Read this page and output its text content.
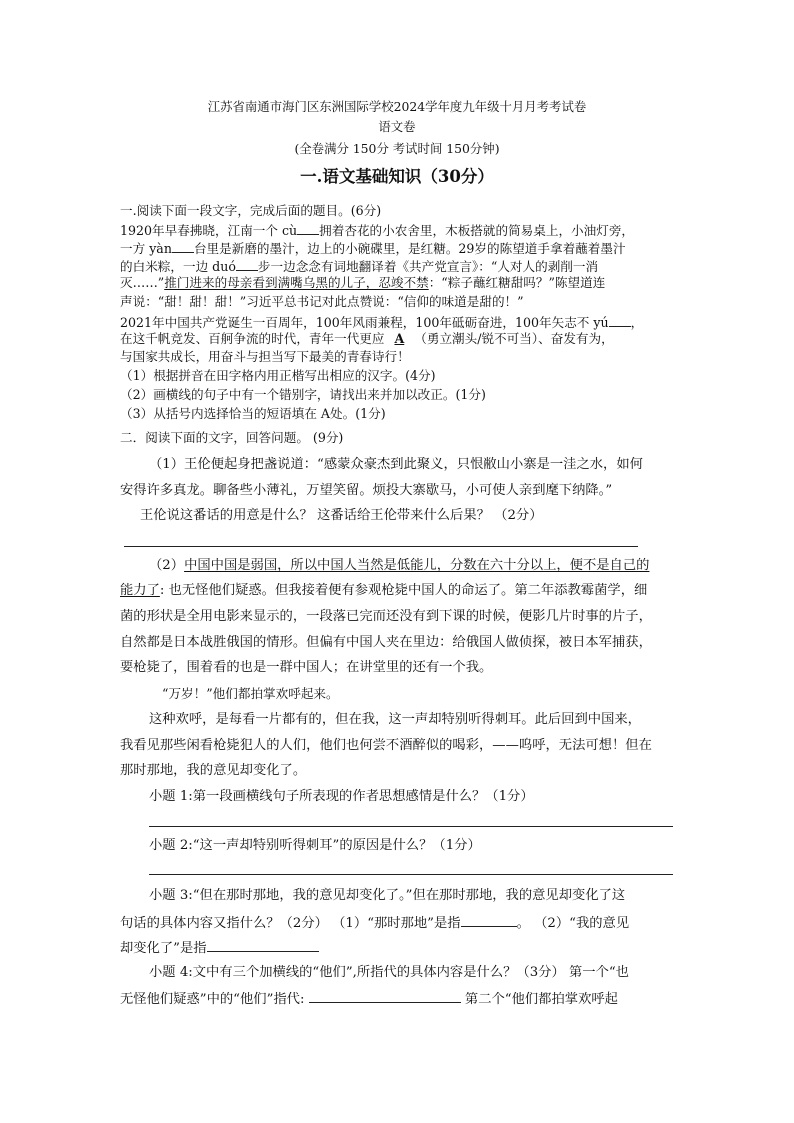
江苏省南通市海门区东洲国际学校2024学年度九年级十月月考考试卷
语文卷
(全卷满分 150分 考试时间 150分钟)
一.语文基础知识（30分）
一.阅读下面一段文字，完成后面的题目。(6分)
1920年早春拂晓，江南一个 cù 拥着杏花的小农舍里，木板搭就的简易桌上，小油灯旁，
一方 yàn 台里是新磨的墨汁，边上的小碗碟里，是红糖。29岁的陈望道手拿着蘸着墨汁
的白米粽，一边 duó 步一边念念有词地翻译着《共产党宣言》：“人对人的剥削一消
灭……”推门进来的母亲看到满嘴乌黑的儿子，忍竣不禁：“粽子蘸红糖甜吗？”陈望道连
声说：“甜！甜！甜！”习近平总书记对此点赞说：“信仰的味道是甜的！”
2021年中国共产党诞生一百周年，100年风雨兼程，100年砥砺奋进，100年矢志不 yú ，
在这千帆竞发、百舸争流的时代，青年一代更应 A （勇立潮头/锐不可当）、奋发有为，
与国家共成长，用奋斗与担当写下最美的青春诗行！
（1）根据拼音在田字格内用正楷写出相应的汉字。(4分)
（2）画横线的句子中有一个错别字，请找出来并加以改正。(1分)
（3）从括号内选择恰当的短语填在 A处。(1分)
二．阅读下面的文字，回答问题。 (9分)
（1）王伦便起身把盏说道：“感蒙众豪杰到此聚义，只恨敝山小寨是一洼之水，如何
安得许多真龙。聊备些小薄礼，万望笑留。烦投大寨歇马，小可使人亲到麾下纳降。”
王伦说这番话的用意是什么？ 这番话给王伦带来什么后果？ （2分）
（2）中国中国是弱国，所以中国人当然是低能儿，分数在六十分以上，便不是自己的
能力了: 也无怪他们疑惑。但我接着便有参观枪毙中国人的命运了。第二年添教霉菌学，细
菌的形状是全用电影来显示的，一段落已完而还没有到下课的时候，便影几片时事的片子，
自然都是日本战胜俄国的情形。但偏有中国人夹在里边：给俄国人做侦探，被日本军捕获，
要枪毙了，围着看的也是一群中国人；在讲堂里的还有一个我。
“万岁！”他们都拍掌欢呼起来。
这种欢呼，是每看一片都有的，但在我，这一声却特别听得刺耳。此后回到中国来，
我看见那些闲看枪毙犯人的人们，他们也何尝不酒醉似的喝彩，——呜呼，无法可想！但在
那时那地，我的意见却变化了。
小题 1:第一段画横线句子所表现的作者思想感情是什么？（1分）
小题 2:“这一声却特别听得刺耳”的原因是什么？（1分）
小题 3:“但在那时那地，我的意见却变化了。”但在那时那地，我的意见却变化了这
句话的具体内容又指什么？（2分） （1）“那时那地”是指	。 （2）“我的意见
却变化了”是指
小题 4:文中有三个加横线的“他们”,所指代的具体内容是什么？（3分） 第一个“也
无怪他们疑惑”中的“他们”指代:	第二个“他们都拍掌欢呼起
